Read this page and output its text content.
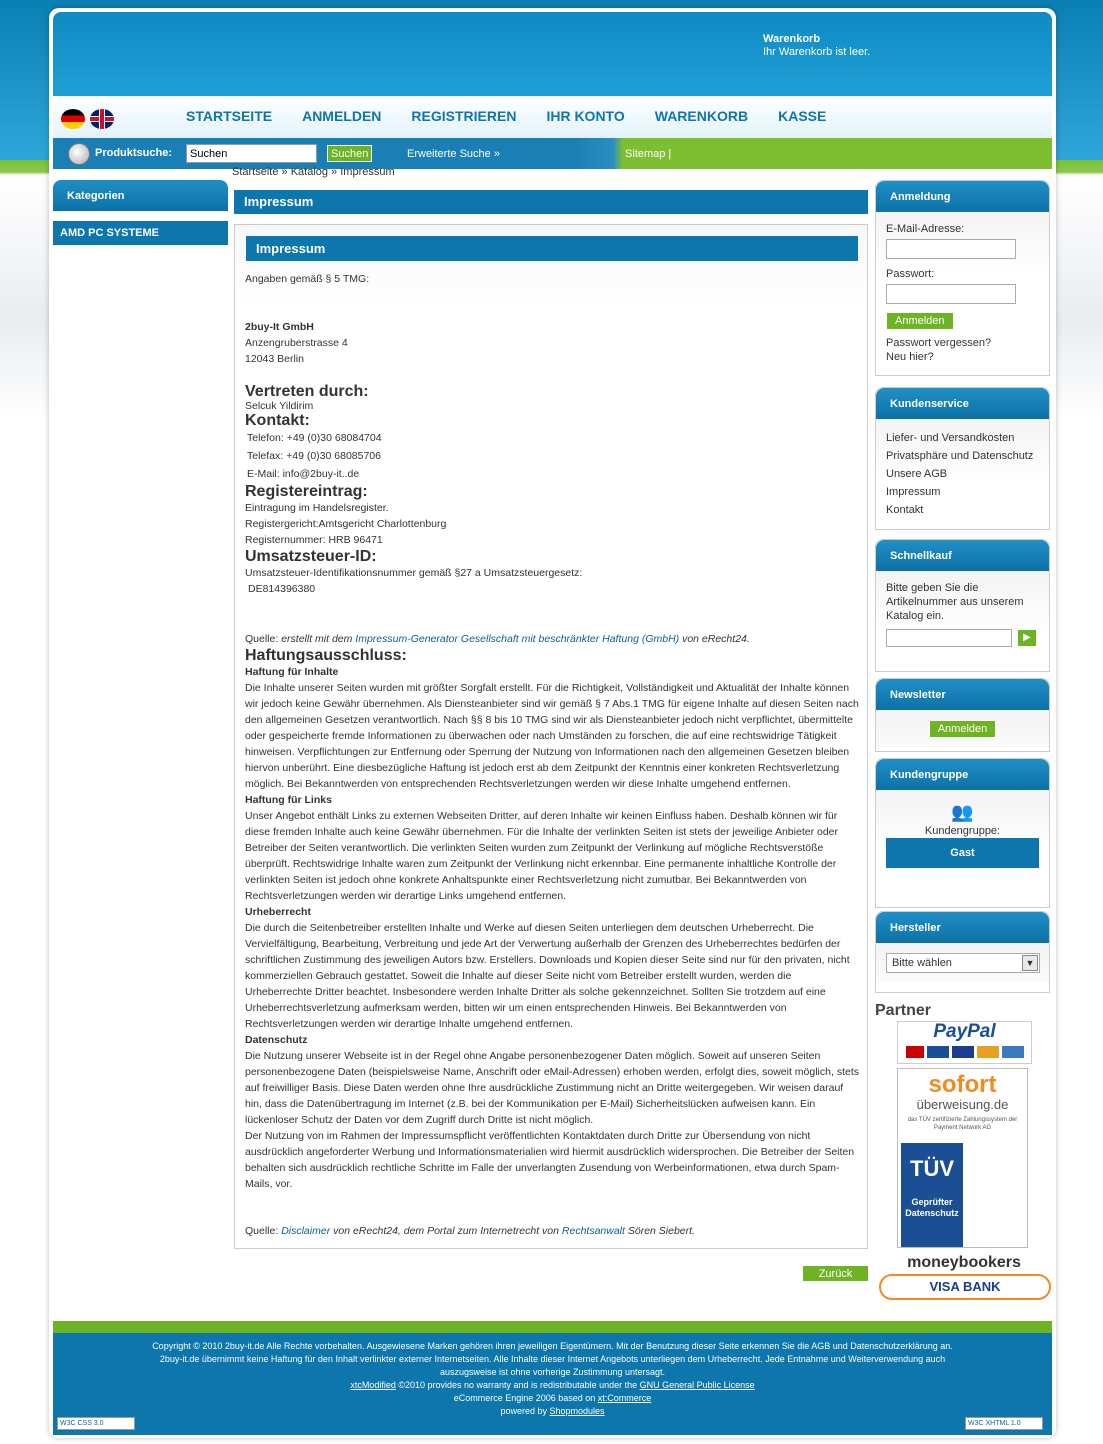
Warenkorb
Ihr Warenkorb ist leer.
STARTSEITE ANMELDEN REGISTRIEREN IHR KONTO WARENKORB KASSE
Produktsuche:
Suchen	Suchen	Erweiterte Suche »	Sitemap |
Startseite » Katalog » Impressum
Kategorien
AMD PC SYSTEME
Impressum
Impressum
Angaben gemäß § 5 TMG:
2buy-It GmbH
Anzengruberstrasse 4
12043 Berlin
Vertreten durch:
Selcuk Yildirim
Kontakt:
Telefon: +49 (0)30 68084704
Telefax: +49 (0)30 68085706
E-Mail: info@2buy-it..de
Registereintrag:
Eintragung im Handelsregister.
Registergericht:Amtsgericht Charlottenburg
Registernummer: HRB 96471
Umsatzsteuer-ID:
Umsatzsteuer-Identifikationsnummer gemäß §27 a Umsatzsteuergesetz:
DE814396380
Quelle: erstellt mit dem Impressum-Generator Gesellschaft mit beschränkter Haftung (GmbH) von eRecht24.
Haftungsausschluss:
Haftung für Inhalte
Die Inhalte unserer Seiten wurden mit größter Sorgfalt erstellt. Für die Richtigkeit, Vollständigkeit und Aktualität der Inhalte können wir jedoch keine Gewähr übernehmen. Als Diensteanbieter sind wir gemäß § 7 Abs.1 TMG für eigene Inhalte auf diesen Seiten nach den allgemeinen Gesetzen verantwortlich. Nach §§ 8 bis 10 TMG sind wir als Diensteanbieter jedoch nicht verpflichtet, übermittelte oder gespeicherte fremde Informationen zu überwachen oder nach Umständen zu forschen, die auf eine rechtswidrige Tätigkeit hinweisen. Verpflichtungen zur Entfernung oder Sperrung der Nutzung von Informationen nach den allgemeinen Gesetzen bleiben hiervon unberührt. Eine diesbezügliche Haftung ist jedoch erst ab dem Zeitpunkt der Kenntnis einer konkreten Rechtsverletzung möglich. Bei Bekanntwerden von entsprechenden Rechtsverletzungen werden wir diese Inhalte umgehend entfernen.
Haftung für Links
Unser Angebot enthält Links zu externen Webseiten Dritter, auf deren Inhalte wir keinen Einfluss haben. Deshalb können wir für diese fremden Inhalte auch keine Gewähr übernehmen. Für die Inhalte der verlinkten Seiten ist stets der jeweilige Anbieter oder Betreiber der Seiten verantwortlich. Die verlinkten Seiten wurden zum Zeitpunkt der Verlinkung auf mögliche Rechtsverstöße überprüft. Rechtswidrige Inhalte waren zum Zeitpunkt der Verlinkung nicht erkennbar. Eine permanente inhaltliche Kontrolle der verlinkten Seiten ist jedoch ohne konkrete Anhaltspunkte einer Rechtsverletzung nicht zumutbar. Bei Bekanntwerden von Rechtsverletzungen werden wir derartige Links umgehend entfernen.
Urheberrecht
Die durch die Seitenbetreiber erstellten Inhalte und Werke auf diesen Seiten unterliegen dem deutschen Urheberrecht. Die Vervielfältigung, Bearbeitung, Verbreitung und jede Art der Verwertung außerhalb der Grenzen des Urheberrechtes bedürfen der schriftlichen Zustimmung des jeweiligen Autors bzw. Erstellers. Downloads und Kopien dieser Seite sind nur für den privaten, nicht kommerziellen Gebrauch gestattet. Soweit die Inhalte auf dieser Seite nicht vom Betreiber erstellt wurden, werden die Urheberrechte Dritter beachtet. Insbesondere werden Inhalte Dritter als solche gekennzeichnet. Sollten Sie trotzdem auf eine Urheberrechtsverletzung aufmerksam werden, bitten wir um einen entsprechenden Hinweis. Bei Bekanntwerden von Rechtsverletzungen werden wir derartige Inhalte umgehend entfernen.
Datenschutz
Die Nutzung unserer Webseite ist in der Regel ohne Angabe personenbezogener Daten möglich. Soweit auf unseren Seiten personenbezogene Daten (beispielsweise Name, Anschrift oder eMail-Adressen) erhoben werden, erfolgt dies, soweit möglich, stets auf freiwilliger Basis. Diese Daten werden ohne Ihre ausdrückliche Zustimmung nicht an Dritte weitergegeben. Wir weisen darauf hin, dass die Datenübertragung im Internet (z.B. bei der Kommunikation per E-Mail) Sicherheitslücken aufweisen kann. Ein lückenloser Schutz der Daten vor dem Zugriff durch Dritte ist nicht möglich.
Der Nutzung von im Rahmen der Impressumspflicht veröffentlichten Kontaktdaten durch Dritte zur Übersendung von nicht ausdrücklich angeforderter Werbung und Informationsmaterialien wird hiermit ausdrücklich widersprochen. Die Betreiber der Seiten behalten sich ausdrücklich rechtliche Schritte im Falle der unverlangten Zusendung von Werbeinformationen, etwa durch Spam-Mails, vor.
Quelle: Disclaimer von eRecht24, dem Portal zum Internetrecht von Rechtsanwalt Sören Siebert.
Zurück
Anmeldung
E-Mail-Adresse:
Passwort:
Anmelden
Passwort vergessen?
Neu hier?
Kundenservice
Liefer- und Versandkosten
Privatsphäre und Datenschutz
Unsere AGB
Impressum
Kontakt
Schnellkauf
Bitte geben Sie die Artikelnummer aus unserem Katalog ein.
▶
Newsletter
Anmelden
Kundengruppe
👥
Kundengruppe:
Gast
Hersteller
Bitte wählen	▼
Partner
PayPal
sofort
überweisung.de
das TÜV zertifizierte Zahlungssystem der Payment Network AG
TÜV
Geprüfter Datenschutz
moneybookers
VISA BANK
Copyright © 2010 2buy-it.de Alle Rechte vorbehalten. Ausgewiesene Marken gehören ihren jeweiligen Eigentümern. Mit der Benutzung dieser Seite erkennen Sie die AGB und Datenschutzerklärung an.
2buy-it.de übernimmt keine Haftung für den Inhalt verlinkter externer Internetseiten. Alle Inhalte dieser Internet Angebots unterliegen dem Urheberrecht. Jede Entnahme und Weiterverwendung auch
auszugsweise ist ohne vorherige Zustimmung untersagt.
xtcModified ©2010 provides no warranty and is redistributable under the GNU General Public License
eCommerce Engine 2006 based on xt:Commerce
powered by Shopmodules
W3C CSS 3.0	W3C XHTML 1.0
